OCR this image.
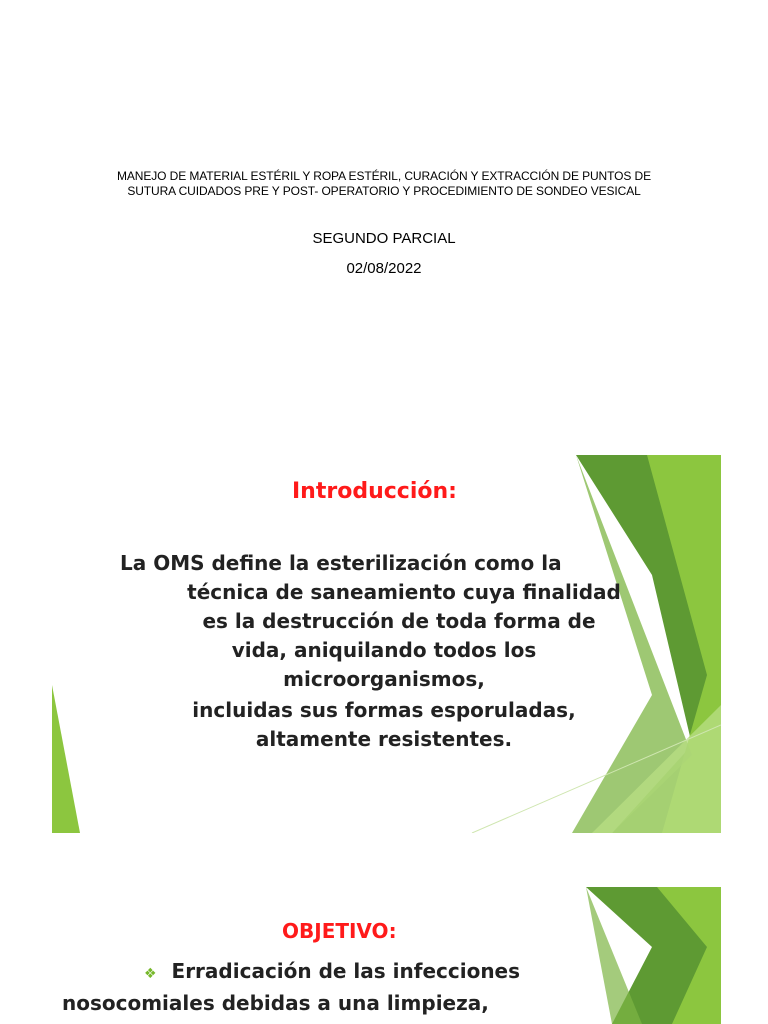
MANEJO DE MATERIAL ESTÉRIL Y ROPA ESTÉRIL, CURACIÓN Y EXTRACCIÓN DE PUNTOS DE
SUTURA CUIDADOS PRE Y POST- OPERATORIO Y PROCEDIMIENTO DE SONDEO VESICAL

SEGUNDO PARCIAL

02/08/2022

Introducción:

La OMS define la esterilización como la
técnica de saneamiento cuya finalidad
es la destrucción de toda forma de
vida, aniquilando todos los
microorganismos,
incluidas sus formas esporuladas,
altamente resistentes.

OBJETIVO:

❖ Erradicación de las infecciones
nosocomiales debidas a una limpieza,
